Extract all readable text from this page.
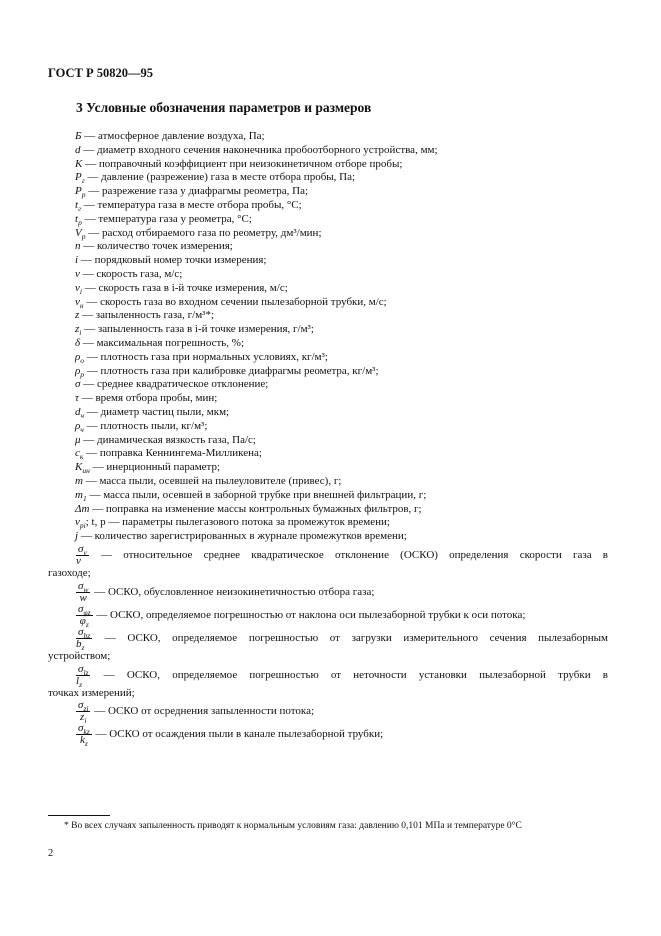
ГОСТ Р 50820—95
3 Условные обозначения параметров и размеров
Б — атмосферное давление воздуха, Па;
d — диаметр входного сечения наконечника пробоотборного устройства, мм;
K — поправочный коэффициент при неизокинетичном отборе пробы;
$P_г$ — давление (разрежение) газа в месте отбора пробы, Па;
$P_р$ — разрежение газа у диафрагмы реометра, Па;
$t_г$ — температура газа в месте отбора пробы, °С;
$t_р$ — температура газа у реометра, °С;
$V_р$ — расход отбираемого газа по реометру, дм³/мин;
n — количество точек измерения;
i — порядковый номер точки измерения;
v — скорость газа, м/с;
$v_i$ — скорость газа в i-й точке измерения, м/с;
$v_н$ — скорость газа во входном сечении пылезаборной трубки, м/с;
z — запыленность газа, г/м³*;
$z_i$ — запыленность газа в i-й точке измерения, г/м³;
δ — максимальная погрешность, %;
$\rho_о$ — плотность газа при нормальных условиях, кг/м³;
$\rho_р$ — плотность газа при калибровке диафрагмы реометра, кг/м³;
σ — среднее квадратическое отклонение;
τ — время отбора пробы, мин;
$d_ч$ — диаметр частиц пыли, мкм;
$\rho_ч$ — плотность пыли, кг/м³;
μ — динамическая вязкость газа, Па/с;
$c_к$ — поправка Кеннингема-Милликена;
$K_{ин}$ — инерционный параметр;
m — масса пыли, осевшей на пылеуловителе (привес), г;
$m_1$ — масса пыли, осевшей в заборной трубке при внешней фильтрации, г;
Δm — поправка на изменение массы контрольных бумажных фильтров, г;
$v_{pi}$; t, p — параметры пылегазового потока за промежуток времени;
j — количество зарегистрированных в журнале промежутков времени;
$\frac{\sigma_v}{v}$ — относительное среднее квадратическое отклонение (ОСКО) определения скорости газа в
газоходе;
$\frac{\sigma_w}{w}$ — ОСКО, обусловленное неизокинетичностью отбора газа;
$\sigma_{\varphi z}$
$\varphi_z$
— ОСКО, определяемое погрешностью от наклона оси пылезаборной трубки к оси потока;
$\sigma_{bz}$
$b_z$
— ОСКО, определяемое погрешностью от загрузки измерительного сечения пылезаборным
устройством;
$\sigma_{lz}$
$l_z$
— ОСКО, определяемое погрешностью от неточности установки пылезаборной трубки в
точках измерений;
$\sigma_{zi}$
$z_i$
— ОСКО от осреднения запыленности потока;
$\sigma_{kz}$
$k_z$
— ОСКО от осаждения пыли в канале пылезаборной трубки;
* Во всех случаях запыленность приводят к нормальным условиям газа: давлению 0,101 МПа и температуре 0°С
2
